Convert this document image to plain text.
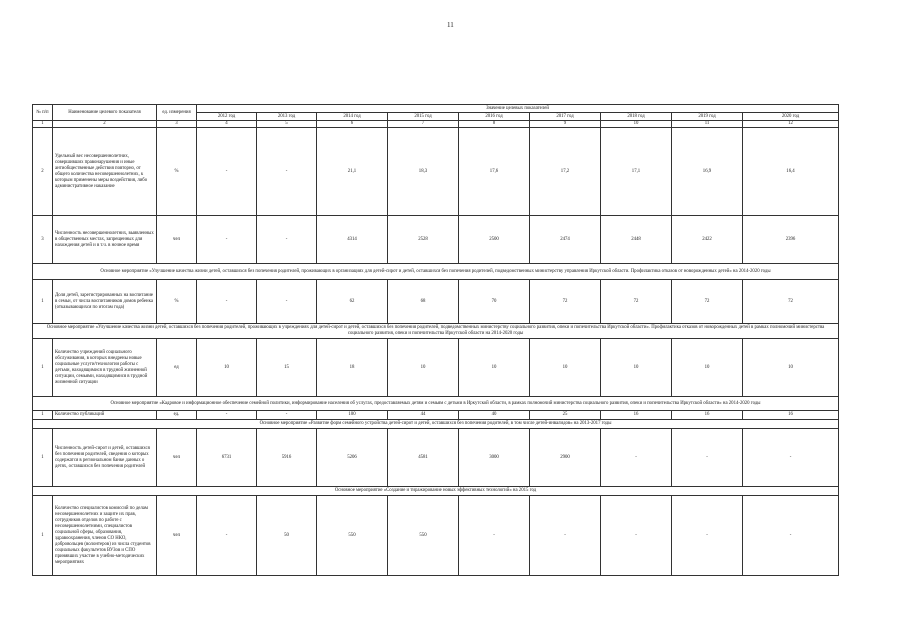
11
№ п/п	Наименование целевого показателя	ед. измерения	Значение целевых показателей								
			2012 год	2013 год	2014 год	2015 год	2016 год	2017 год	2018 год	2019 год	2020 год
1	2	3	4	5	6	7	8	9	10	11	12
2	Удельный вес несовершеннолетних, совершивших правонарушения и иные антиобщественные действия повторно, от общего количества несовершеннолетних, к которым применены меры воздействия, либо административное наказание	%	-	-	21,1	18,3	17,6	17,2	17,1	16,9	16,4
3	Численность несовершеннолетних, выявленных в общественных местах, запрещенных для нахождения детей и в т.ч. в ночное время	чел	-	-	4314	2528	2500	2474	2448	2422	2396
Основное мероприятие «Улучшение качества жизни детей, оставшихся без попечения родителей, проживающих в организациях для детей-сирот и детей, оставшихся без попечения родителей, подведомственных министерству управления Иркутской области. Профилактика отказов от новорожденных детей» на 2014-2020 годы											
1	Доля детей, зарегистрированных на воспитание в семьи, от числа воспитанников домов ребенка (отказывающихся по итогам года)	%	-	-	62	68	70	72	72	72	72
Основное мероприятие «Улучшение качества жизни детей, оставшихся без попечения родителей, проживающих в учреждениях для детей-сирот и детей, оставшихся без попечения родителей, подведомственных министерству социального развития, опеки и попечительства Иркутской области». Профилактика отказов от новорожденных детей в рамках полномочий министерства социального развития, опеки и попечительства Иркутской области на 2014-2020 годы											
1	Количество учреждений социального обслуживания, в которых внедрены новые социальные услуги/технологии работы с детьми, находящимися в трудной жизненной ситуации, семьями, находящимися в трудной жизненной ситуации	ед	10	15	18	10	10	10	10	10	10
Основное мероприятие «Кадровое и информационное обеспечение семейной политики, информирование населения об услугах, предоставляемых детям и семьям с детьми в Иркутской области, в рамках полномочий министерства социального развития, опеки и попечительства Иркутской области» на 2014-2020 годы											
1	Количество публикаций	ед.	-	-	100	44	40	25	16	16	16
Основное мероприятие «Развитие форм семейного устройства детей-сирот и детей, оставшихся без попечения родителей, в том числе детей-инвалидов» на 2013-2017 годы											
1	Численность детей-сирот и детей, оставшихся без попечения родителей, сведения о которых содержатся в региональном банке данных о детях, оставшихся без попечения родителей	чел	6731	5916	5206	4581	3000	2900	-	-	-
Основное мероприятие «Создание и тиражирование новых эффективных технологий» на 2015 год											
1	Количество специалистов комиссий по делам несовершеннолетних и защите их прав, сотрудников отделов по работе с несовершеннолетними, специалистов социальной сферы, образования, здравоохранения, членов СО НКО, добровольцев (волонтеров) из числа студентов социальных факультетов ВУЗов и СПО принявших участие в учебно-методических мероприятиях	чел	-	50	550	550	-	-	-	-	-
